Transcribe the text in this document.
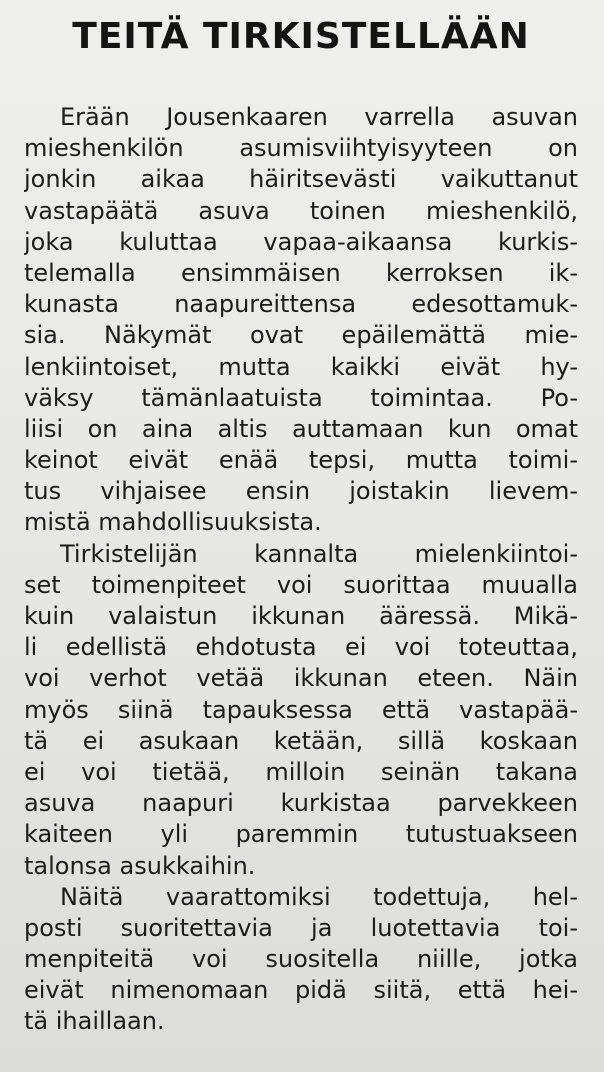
TEITÄ TIRKISTELLÄÄN

Erään Jousenkaaren varrella asuvan
mieshenkilön asumisviihtyisyyteen on
jonkin aikaa häiritsevästi vaikuttanut
vastapäätä asuva toinen mieshenkilö,
joka kuluttaa vapaa-aikaansa kurkis-
telemalla ensimmäisen kerroksen ik-
kunasta naapureittensa edesottamuk-
sia. Näkymät ovat epäilemättä mie-
lenkiintoiset, mutta kaikki eivät hy-
väksy tämänlaatuista toimintaa. Po-
liisi on aina altis auttamaan kun omat
keinot eivät enää tepsi, mutta toimi-
tus vihjaisee ensin joistakin lievem-
mistä mahdollisuuksista.

Tirkistelijän kannalta mielenkiintoi-
set toimenpiteet voi suorittaa muualla
kuin valaistun ikkunan ääressä. Mikä-
li edellistä ehdotusta ei voi toteuttaa,
voi verhot vetää ikkunan eteen. Näin
myös siinä tapauksessa että vastapää-
tä ei asukaan ketään, sillä koskaan
ei voi tietää, milloin seinän takana
asuva naapuri kurkistaa parvekkeen
kaiteen yli paremmin tutustuakseen
talonsa asukkaihin.

Näitä vaarattomiksi todettuja, hel-
posti suoritettavia ja luotettavia toi-
menpiteitä voi suositella niille, jotka
eivät nimenomaan pidä siitä, että hei-
tä ihaillaan.
